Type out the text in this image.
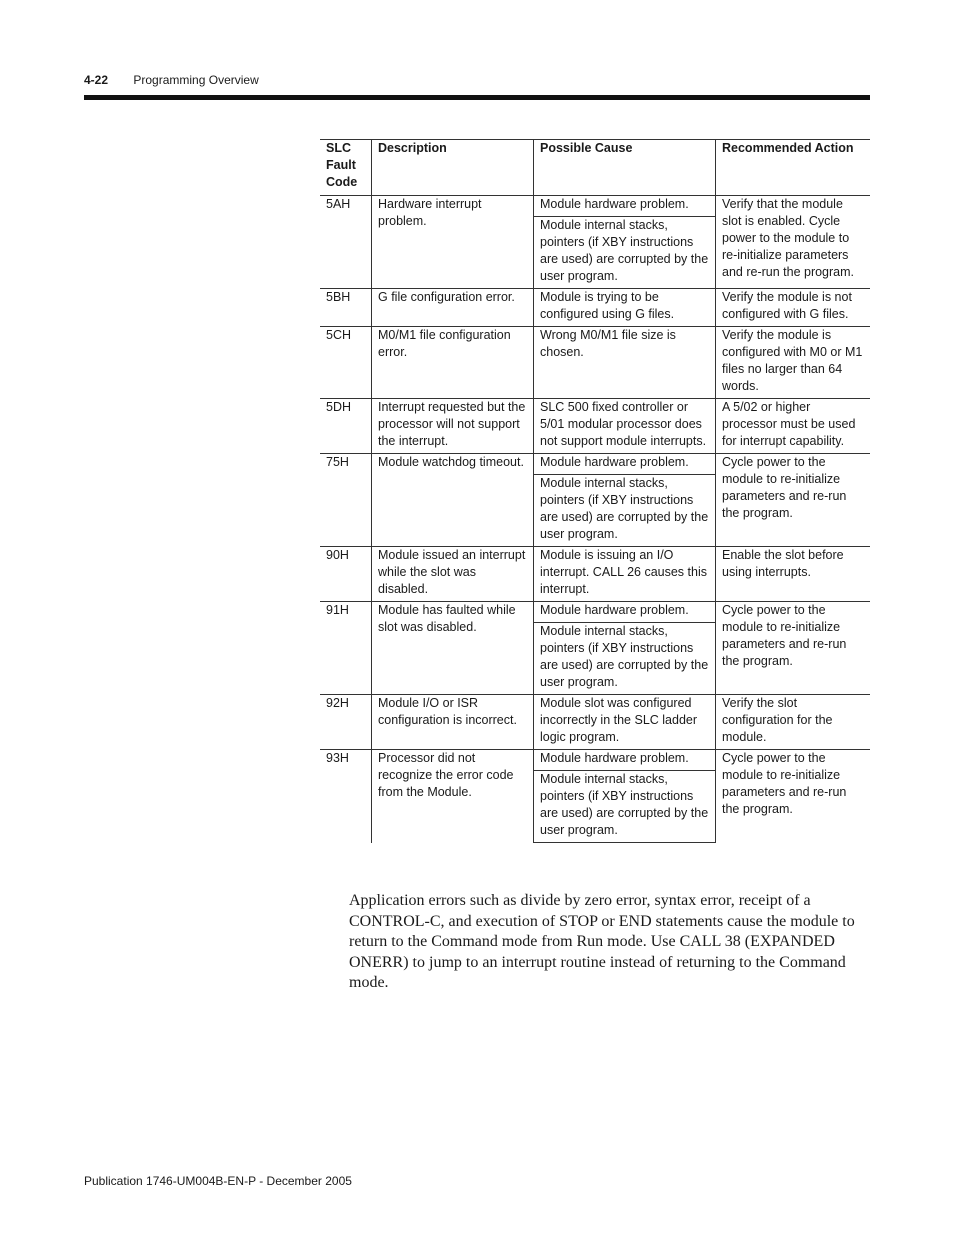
4-22 Programming Overview
SLC
Fault
Code	Description	Possible Cause	Recommended Action
5AH	Hardware interrupt problem.	Module hardware problem.	Verify that the module slot is enabled. Cycle power to the module to re-initialize parameters and re-run the program.
		Module internal stacks, pointers (if XBY instructions are used) are corrupted by the user program.	
5BH	G file configuration error.	Module is trying to be configured using G files.	Verify the module is not configured with G files.
5CH	M0/M1 file configuration error.	Wrong M0/M1 file size is chosen.	Verify the module is configured with M0 or M1 files no larger than 64 words.
5DH	Interrupt requested but the processor will not support the interrupt.	SLC 500 fixed controller or 5/01 modular processor does not support module interrupts.	A 5/02 or higher processor must be used for interrupt capability.
75H	Module watchdog timeout.	Module hardware problem.	Cycle power to the module to re-initialize parameters and re-run the program.
		Module internal stacks, pointers (if XBY instructions are used) are corrupted by the user program.	
90H	Module issued an interrupt while the slot was disabled.	Module is issuing an I/O interrupt. CALL 26 causes this interrupt.	Enable the slot before using interrupts.
91H	Module has faulted while slot was disabled.	Module hardware problem.	Cycle power to the module to re-initialize parameters and re-run the program.
		Module internal stacks, pointers (if XBY instructions are used) are corrupted by the user program.	
92H	Module I/O or ISR configuration is incorrect.	Module slot was configured incorrectly in the SLC ladder logic program.	Verify the slot configuration for the module.
93H	Processor did not recognize the error code from the Module.	Module hardware problem.	Cycle power to the module to re-initialize parameters and re-run the program.
		Module internal stacks, pointers (if XBY instructions are used) are corrupted by the user program.	
Application errors such as divide by zero error, syntax error, receipt of a CONTROL-C, and execution of STOP or END statements cause the module to return to the Command mode from Run mode. Use CALL 38 (EXPANDED ONERR) to jump to an interrupt routine instead of returning to the Command mode.
Publication 1746-UM004B-EN-P - December 2005
